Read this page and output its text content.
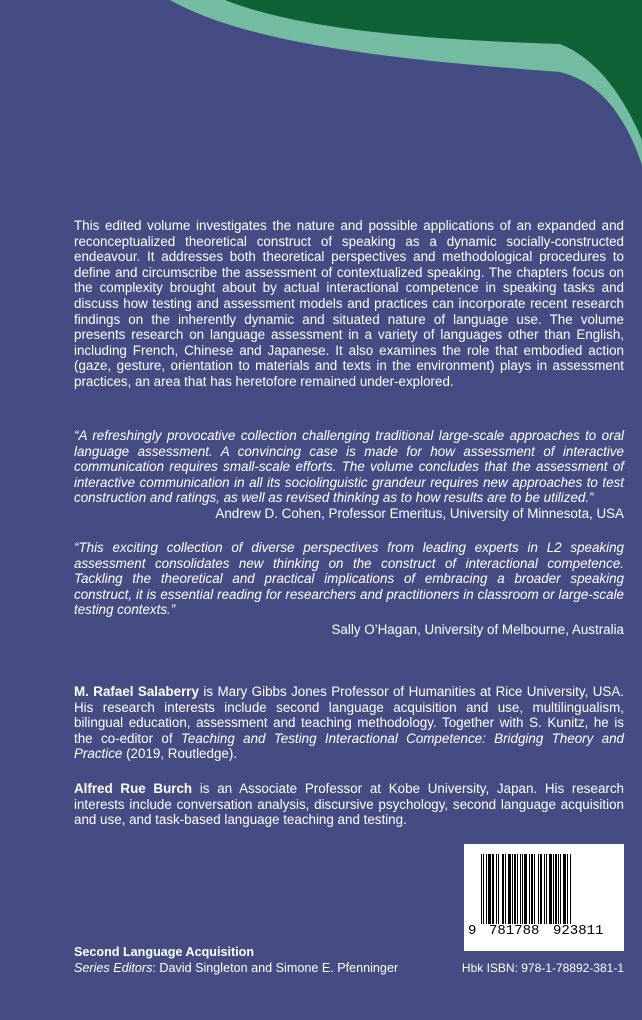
This edited volume investigates the nature and possible applications of an expanded and reconceptualized theoretical construct of speaking as a dynamic socially-constructed endeavour. It addresses both theoretical perspectives and methodological procedures to define and circumscribe the assessment of contextualized speaking. The chapters focus on the complexity brought about by actual interactional competence in speaking tasks and discuss how testing and assessment models and practices can incorporate recent research findings on the inherently dynamic and situated nature of language use. The volume presents research on language assessment in a variety of languages other than English, including French, Chinese and Japanese. It also examines the role that embodied action (gaze, gesture, orientation to materials and texts in the environment) plays in assessment practices, an area that has heretofore remained under-explored.
“A refreshingly provocative collection challenging traditional large-scale approaches to oral language assessment. A convincing case is made for how assessment of interactive communication requires small-scale efforts. The volume concludes that the assessment of interactive communication in all its sociolinguistic grandeur requires new approaches to test construction and ratings, as well as revised thinking as to how results are to be utilized.”
Andrew D. Cohen, Professor Emeritus, University of Minnesota, USA
“This exciting collection of diverse perspectives from leading experts in L2 speaking assessment consolidates new thinking on the construct of interactional competence. Tackling the theoretical and practical implications of embracing a broader speaking construct, it is essential reading for researchers and practitioners in classroom or large-scale testing contexts.”
Sally O’Hagan, University of Melbourne, Australia

M. Rafael Salaberry is Mary Gibbs Jones Professor of Humanities at Rice University, USA. His research interests include second language acquisition and use, multilingualism, bilingual education, assessment and teaching methodology. Together with S. Kunitz, he is the co-editor of Teaching and Testing Interactional Competence: Bridging Theory and Practice (2019, Routledge).

Alfred Rue Burch is an Associate Professor at Kobe University, Japan. His research interests include conversation analysis, discursive psychology, second language acquisition and use, and task-based language teaching and testing.

9 781788 923811
Second Language Acquisition
Series Editors: David Singleton and Simone E. Pfenninger	Hbk ISBN: 978-1-78892-381-1
